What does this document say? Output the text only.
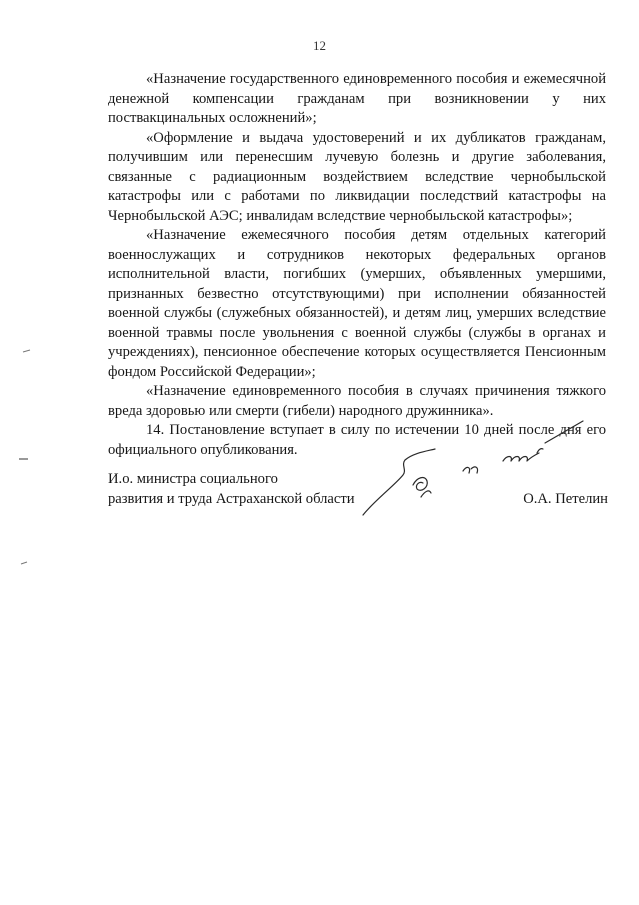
12

«Назначение государственного единовременного пособия и ежемесячной денежной компенсации гражданам при возникновении у них поствакцинальных осложнений»;

«Оформление и выдача удостоверений и их дубликатов гражданам, получившим или перенесшим лучевую болезнь и другие заболевания, связанные с радиационным воздействием вследствие чернобыльской катастрофы или с работами по ликвидации последствий катастрофы на Чернобыльской АЭС; инвалидам вследствие чернобыльской катастрофы»;

«Назначение ежемесячного пособия детям отдельных категорий военнослужащих и сотрудников некоторых федеральных органов исполнительной власти, погибших (умерших, объявленных умершими, признанных безвестно отсутствующими) при исполнении обязанностей военной службы (служебных обязанностей), и детям лиц, умерших вследствие военной травмы после увольнения с военной службы (службы в органах и учреждениях), пенсионное обеспечение которых осуществляется Пенсионным фондом Российской Федерации»;

«Назначение единовременного пособия в случаях причинения тяжкого вреда здоровью или смерти (гибели) народного дружинника».

14. Постановление вступает в силу по истечении 10 дней после дня его официального опубликования.

И.о. министра социального
развития и труда Астраханской области	О.А. Петелин
